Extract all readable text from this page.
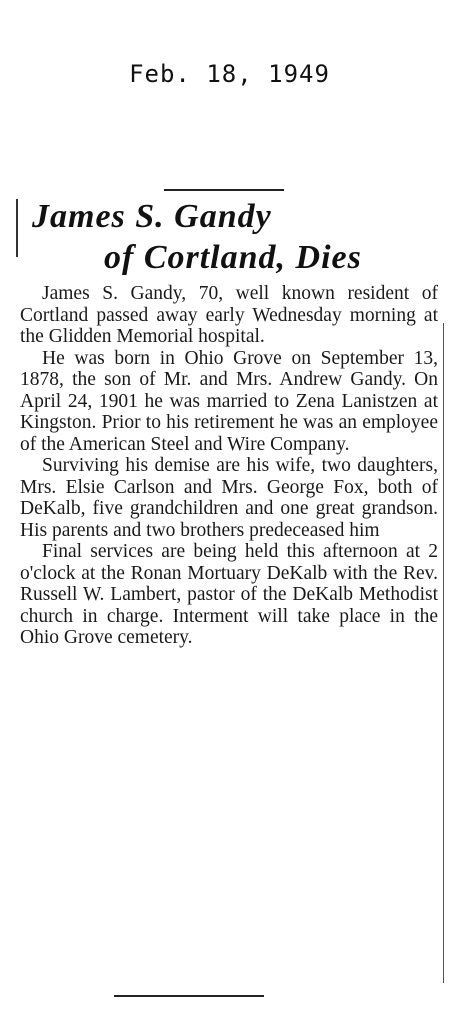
Feb. 18, 1949
James S. Gandy
of Cortland, Dies

James S. Gandy, 70, well known resident of Cortland passed away early Wednesday morning at the Glidden Memorial hospital.

He was born in Ohio Grove on September 13, 1878, the son of Mr. and Mrs. Andrew Gandy. On April 24, 1901 he was married to Zena Lanistzen at Kingston. Prior to his retirement he was an employee of the American Steel and Wire Company.

Surviving his demise are his wife, two daughters, Mrs. Elsie Carlson and Mrs. George Fox, both of DeKalb, five grandchildren and one great grandson. His parents and two brothers predeceased him

Final services are being held this afternoon at 2 o'clock at the Ronan Mortuary DeKalb with the Rev. Russell W. Lambert, pastor of the DeKalb Methodist church in charge. Interment will take place in the Ohio Grove cemetery.
